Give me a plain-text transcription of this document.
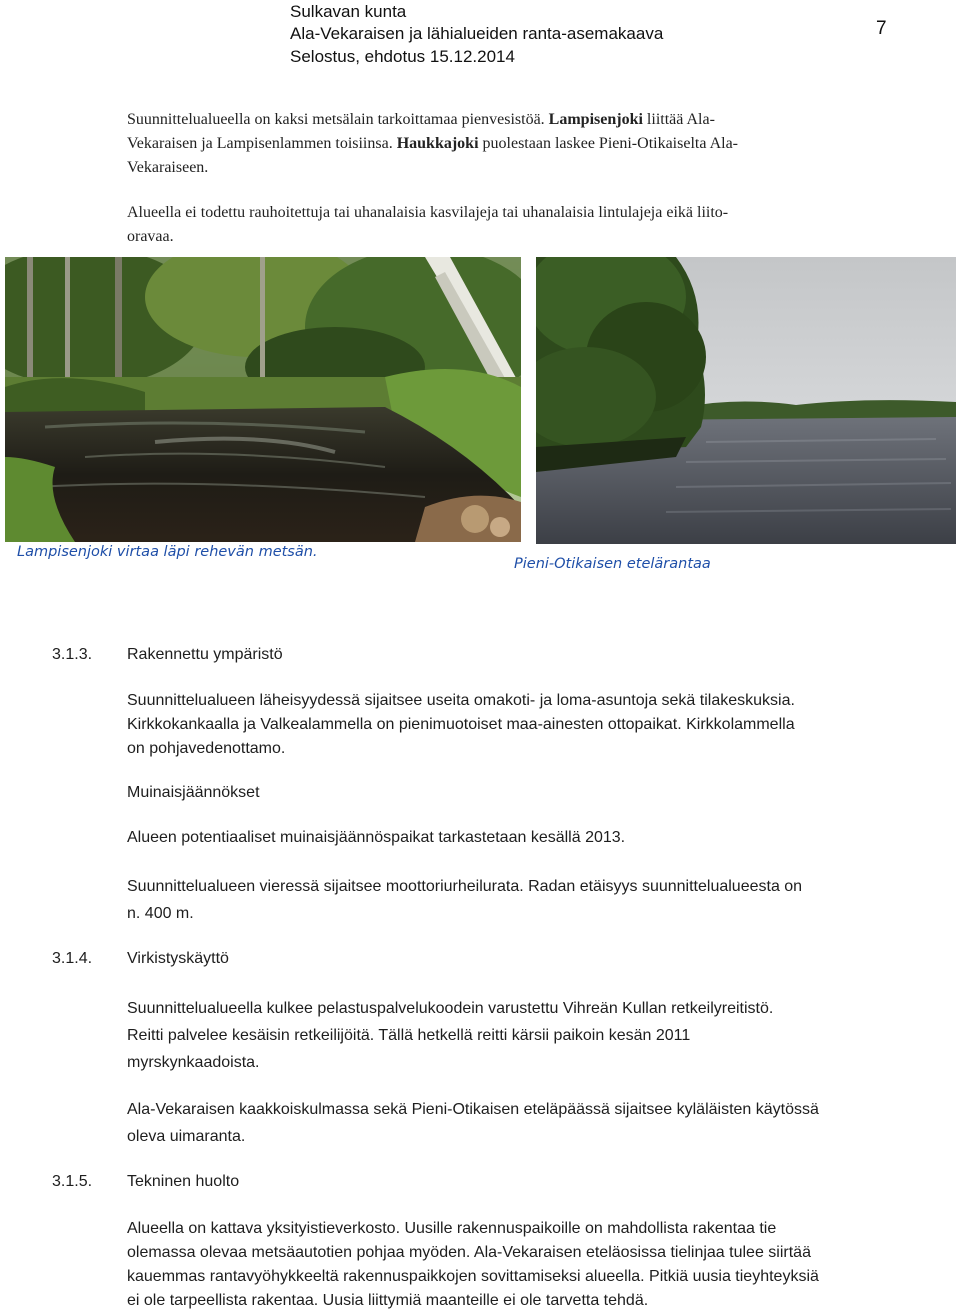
Sulkavan kunta
Ala-Vekaraisen ja lähialueiden ranta-asemakaava
Selostus, ehdotus 15.12.2014
7
Suunnittelualueella on kaksi metsälain tarkoittamaa pienvesistöä. Lampisenjoki liittää Ala-
Vekaraisen ja Lampisenlammen toisiinsa. Haukkajoki puolestaan laskee Pieni-Otikaiselta Ala-
Vekaraiseen.
Alueella ei todettu rauhoitettuja tai uhanalaisia kasvilajeja tai uhanalaisia lintulajeja eikä liito-
oravaa.
Lampisenjoki virtaa läpi rehevän metsän.
Pieni-Otikaisen etelärantaa
3.1.3. Rakennettu ympäristö
Suunnittelualueen läheisyydessä sijaitsee useita omakoti- ja loma-asuntoja sekä tilakeskuksia.
Kirkkokankaalla ja Valkealammella on pienimuotoiset maa-ainesten ottopaikat. Kirkkolammella
on pohjavedenottamo.
Muinaisjäännökset
Alueen potentiaaliset muinaisjäännöspaikat tarkastetaan kesällä 2013.
Suunnittelualueen vieressä sijaitsee moottoriurheilurata. Radan etäisyys suunnittelualueesta on
n. 400 m.
3.1.4. Virkistyskäyttö
Suunnittelualueella kulkee pelastuspalvelukoodein varustettu Vihreän Kullan retkeilyreitistö.
Reitti palvelee kesäisin retkeilijöitä. Tällä hetkellä reitti kärsii paikoin kesän 2011
myrskynkaadoista.
Ala-Vekaraisen kaakkoiskulmassa sekä Pieni-Otikaisen eteläpäässä sijaitsee kyläläisten käytössä
oleva uimaranta.
3.1.5. Tekninen huolto
Alueella on kattava yksityistieverkosto. Uusille rakennuspaikoille on mahdollista rakentaa tie
olemassa olevaa metsäautotien pohjaa myöden. Ala-Vekaraisen eteläosissa tielinjaa tulee siirtää
kauemmas rantavyöhykkeeltä rakennuspaikkojen sovittamiseksi alueella. Pitkiä uusia tieyhteyksiä
ei ole tarpeellista rakentaa. Uusia liittymiä maanteille ei ole tarvetta tehdä.
